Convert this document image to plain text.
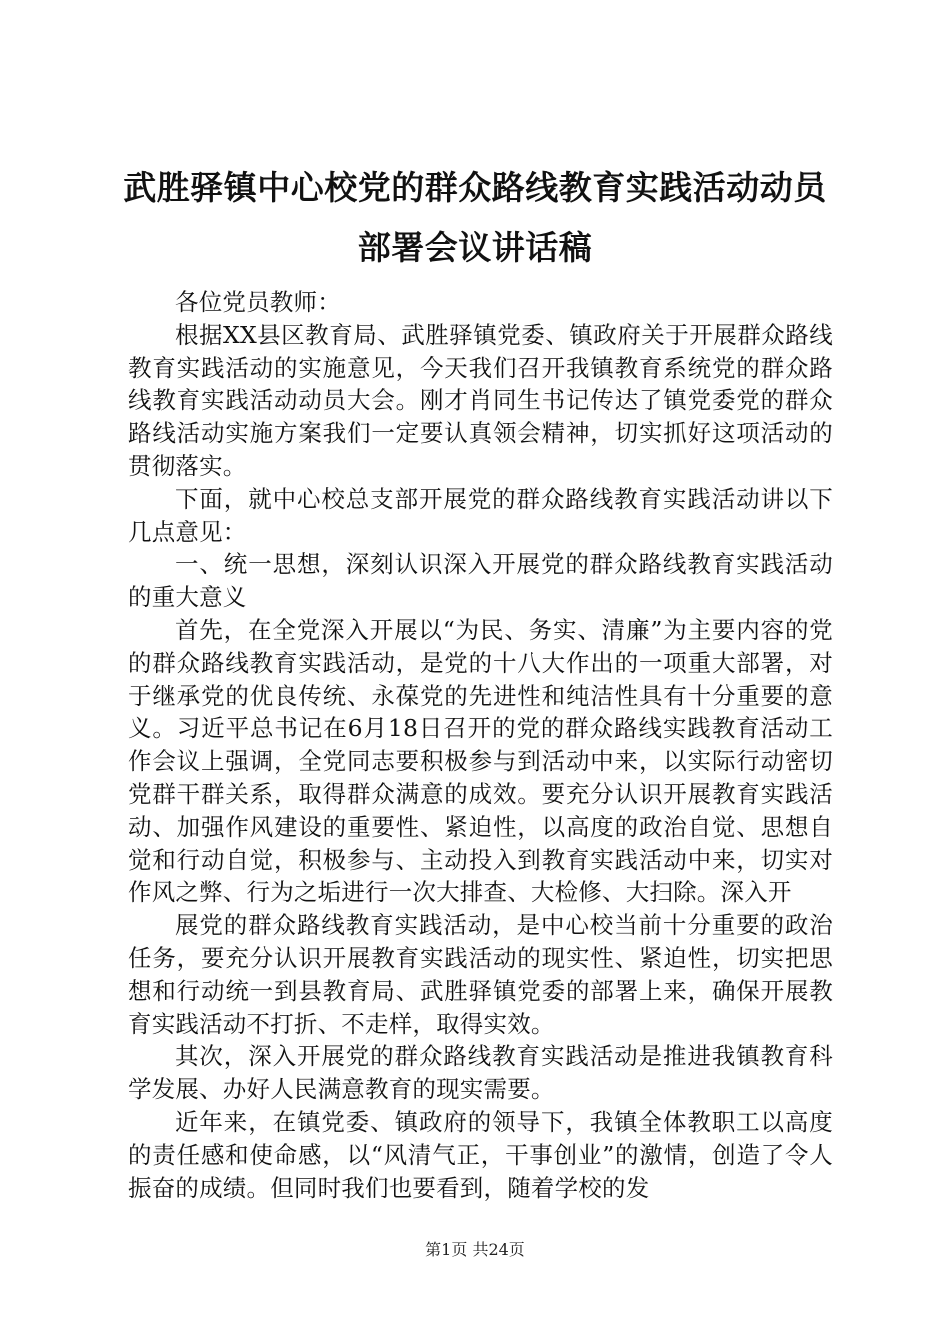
武胜驿镇中心校党的群众路线教育实践活动动员部署会议讲话稿

各位党员教师：

根据XX县区教育局、武胜驿镇党委、镇政府关于开展群众路线教育实践活动的实施意见，今天我们召开我镇教育系统党的群众路线教育实践活动动员大会。刚才肖同生书记传达了镇党委党的群众路线活动实施方案我们一定要认真领会精神，切实抓好这项活动的贯彻落实。

下面，就中心校总支部开展党的群众路线教育实践活动讲以下几点意见：

一、统一思想，深刻认识深入开展党的群众路线教育实践活动的重大意义

首先，在全党深入开展以“为民、务实、清廉”为主要内容的党的群众路线教育实践活动，是党的十八大作出的一项重大部署，对于继承党的优良传统、永葆党的先进性和纯洁性具有十分重要的意义。习近平总书记在6月18日召开的党的群众路线实践教育活动工作会议上强调，全党同志要积极参与到活动中来，以实际行动密切党群干群关系，取得群众满意的成效。要充分认识开展教育实践活动、加强作风建设的重要性、紧迫性，以高度的政治自觉、思想自觉和行动自觉，积极参与、主动投入到教育实践活动中来，切实对作风之弊、行为之垢进行一次大排查、大检修、大扫除。深入开

展党的群众路线教育实践活动，是中心校当前十分重要的政治任务，要充分认识开展教育实践活动的现实性、紧迫性，切实把思想和行动统一到县教育局、武胜驿镇党委的部署上来，确保开展教育实践活动不打折、不走样，取得实效。

其次，深入开展党的群众路线教育实践活动是推进我镇教育科学发展、办好人民满意教育的现实需要。

近年来，在镇党委、镇政府的领导下，我镇全体教职工以高度的责任感和使命感，以“风清气正，干事创业”的激情，创造了令人振奋的成绩。但同时我们也要看到，随着学校的发

第1页 共24页
